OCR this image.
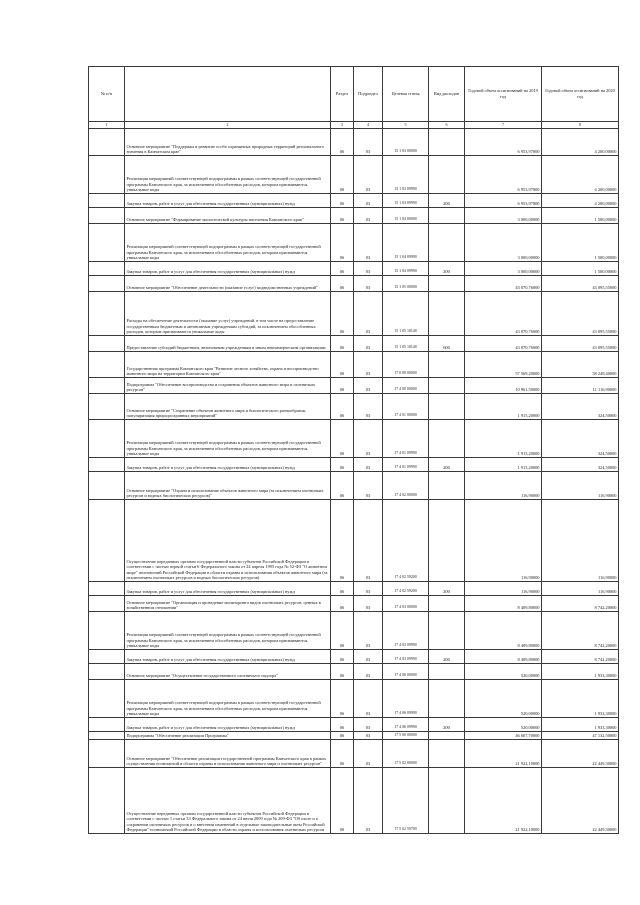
№ п/п		Раздел	Подраздел	Целевая статья	Вид расходов	Годовой объем ассигнований на 2019 год	Годовой объем ассигнований на 2020 год
1	2	3	4	5	6	7	8
	Основное мероприятие "Поддержка и развитие особо охраняемых природных территорий регионального значения в Камчатском крае"	06	03	15 1 03 00000		6 953,97800	4 200,00000
	Реализация мероприятий соответствующей подпрограммы в рамках соответствующей государственной программы Камчатского края, за исключением обособленных расходов, которым присваиваются уникальные коды	06	03	15 1 03 09990		6 953,97800	4 200,00000
	Закупка товаров, работ и услуг для обеспечения государственных (муниципальных) нужд	06	03	15 1 03 09990	200	6 953,97800	4 200,00000
	Основное мероприятие "Формирование экологической культуры населения Камчатского края"	06	03	15 1 04 00000		3 000,00000	1 500,00000
	Реализация мероприятий соответствующей подпрограммы в рамках соответствующей государственной программы Камчатского края, за исключением обособленных расходов, которым присваиваются уникальные коды	06	03	15 1 04 09990		3 000,00000	1 500,00000
	Закупка товаров, работ и услуг для обеспечения государственных (муниципальных) нужд	06	03	15 1 04 09990	200	3 000,00000	1 500,00000
	Основное мероприятие "Обеспечение деятельности (оказание услуг) подведомственных учреждений"	06	03	15 1 05 00000		43 070,76000	43 095,55000
	Расходы на обеспечение деятельности (оказание услуг) учреждений, в том числе на предоставление государственным бюджетным и автономным учреждениям субсидий, за исключением обособленных расходов, которым присваиваются уникальные коды	06	03	15 1 05 10140		43 070,76000	43 095,55000
	Предоставление субсидий бюджетным, автономным учреждениям и иным некоммерческим организациям	06	03	15 1 05 10140	600	43 070,76000	43 095,55000
	Государственная программа Камчатского края "Развитие лесного хозяйства, охрана и воспроизводство животного мира на территории Камчатского края"	06	03	17 0 00 00000		57 569,20000	58 249,40000
	Подпрограмма "Обеспечение воспроизводства и сохранения объектов животного мира и охотничьих ресурсов"	06	03	17 4 00 00000		10 961,50000	11 116,90000
	Основное мероприятие "Сохранение объектов животного мира и биологического разнообразия, популяризация природоохранных мероприятий"	06	03	17 4 01 00000		1 915,20000	324,50000
	Реализация мероприятий соответствующей подпрограммы в рамках соответствующей государственной программы Камчатского края, за исключением обособленных расходов, которым присваиваются уникальные коды	06	03	17 4 01 09990		1 915,20000	324,50000
	Закупка товаров, работ и услуг для обеспечения государственных (муниципальных) нужд	06	03	17 4 01 09990	200	1 915,20000	324,50000
	Основное мероприятие "Охрана и использование объектов животного мира (за исключением охотничьих ресурсов и водных биологических ресурсов)"	06	03	17 4 02 00000		116,90000	116,90000
	Осуществление переданных органам государственной власти субъектов Российской Федерации в соответствии с частью первой статьи 6 Федерального закона от 24 апреля 1995 года № 52-ФЗ "О животном мире" полномочий Российской Федерации в области охраны и использования объектов животного мира (за исключением охотничьих ресурсов и водных биологических ресурсов)	06	03	17 4 02 59200		116,90000	116,90000
	Закупка товаров, работ и услуг для обеспечения государственных (муниципальных) нужд	06	03	17 4 02 59200	200	116,90000	116,90000
	Основное мероприятие "Организация и проведение мониторинга видов охотничьих ресурсов, ценных в хозяйственном отношении"	06	03	17 4 03 00000		8 409,80000	8 742,20000
	Реализация мероприятий соответствующей подпрограммы в рамках соответствующей государственной программы Камчатского края, за исключением обособленных расходов, которым присваиваются уникальные коды	06	03	17 4 03 09990		8 409,80000	8 742,20000
	Закупка товаров, работ и услуг для обеспечения государственных (муниципальных) нужд	06	03	17 4 03 09990	200	8 409,80000	8 742,20000
	Основное мероприятие "Осуществление государственного охотничьего надзора"	06	03	17 4 06 00000		520,00000	1 933,30000
	Реализация мероприятий соответствующей подпрограммы в рамках соответствующей государственной программы Камчатского края, за исключением обособленных расходов, которым присваиваются уникальные коды	06	03	17 4 06 09990		520,00000	1 933,30000
	Закупка товаров, работ и услуг для обеспечения государственных (муниципальных) нужд	06	03	17 4 06 09990	200	520,00000	1 933,30000
	Подпрограмма "Обеспечение реализации Программы"	06	03	17 5 00 00000		46 607,70000	47 132,50000
	Основное мероприятие "Обеспечение реализации государственной программы Камчатского края в рамках осуществления полномочий в области охраны и использования животного мира и охотничьих ресурсов"	06	03	17 5 02 00000		21 922,10000	22 449,30000
	Осуществление переданных органам государственной власти субъектов Российской Федерации в соответствии с частью 1 статьи 33 Федерального закона от 24 июля 2009 года № 209-ФЗ "Об охоте и о сохранении охотничьих ресурсов и о внесении изменений в отдельные законодательные акты Российской Федерации" полномочий Российской Федерации в области охраны и использования охотничьих ресурсов	06	03	17 5 02 59700		21 922,10000	22 449,30000
